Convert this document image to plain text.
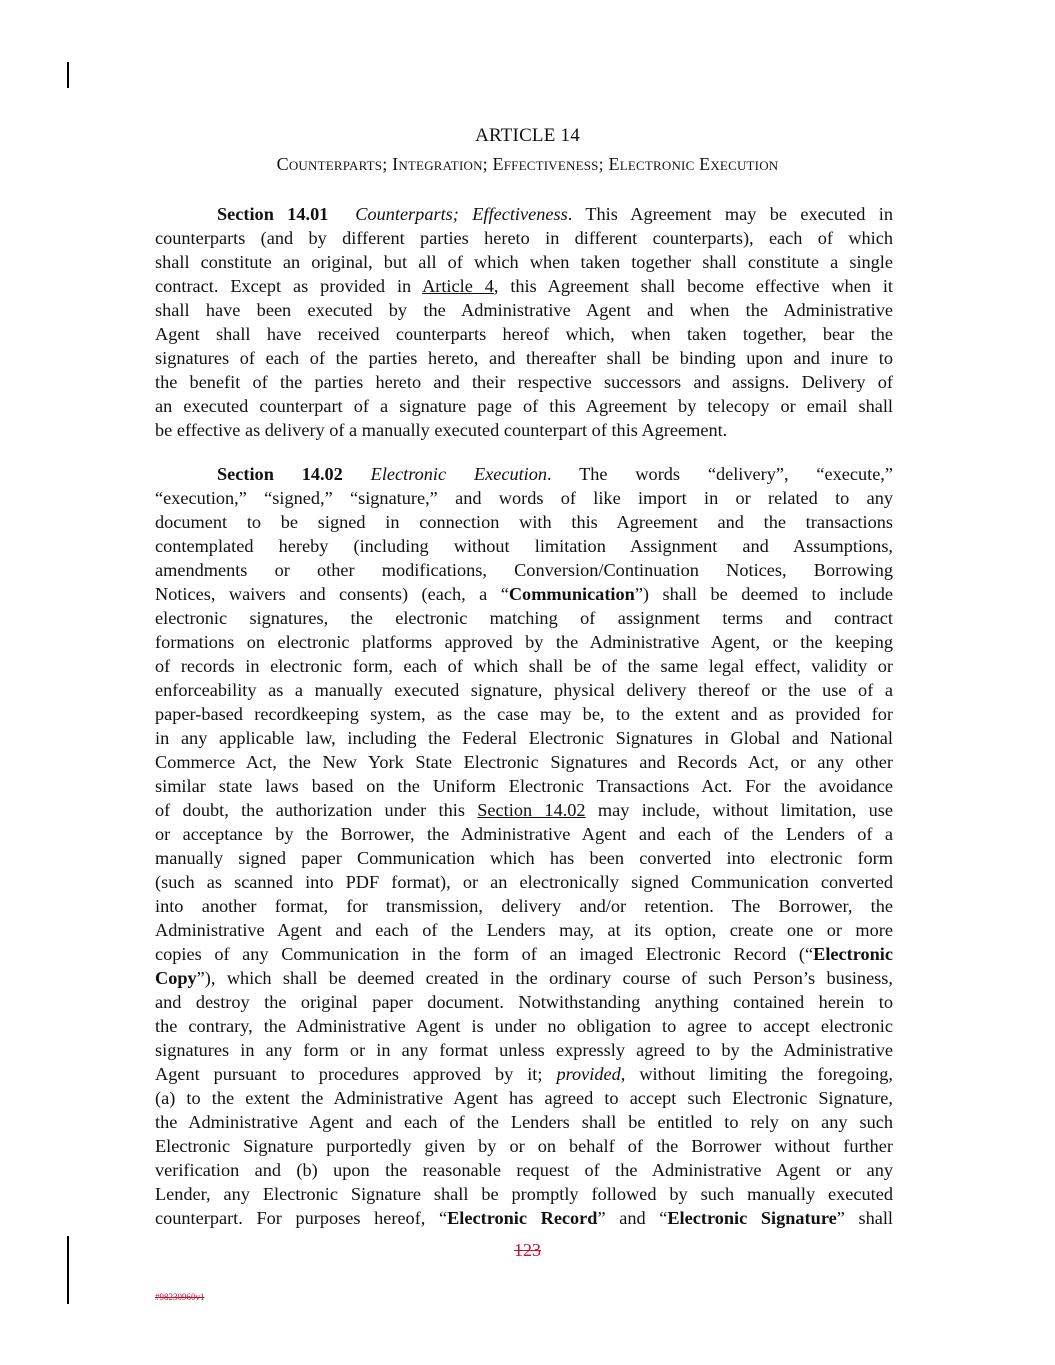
ARTICLE 14
Counterparts; Integration; Effectiveness; Electronic Execution
Section 14.01 Counterparts; Effectiveness. This Agreement may be executed in
counterparts (and by different parties hereto in different counterparts), each of which
shall constitute an original, but all of which when taken together shall constitute a single
contract. Except as provided in Article 4, this Agreement shall become effective when it
shall have been executed by the Administrative Agent and when the Administrative
Agent shall have received counterparts hereof which, when taken together, bear the
signatures of each of the parties hereto, and thereafter shall be binding upon and inure to
the benefit of the parties hereto and their respective successors and assigns. Delivery of
an executed counterpart of a signature page of this Agreement by telecopy or email shall
be effective as delivery of a manually executed counterpart of this Agreement.
Section 14.02 Electronic Execution. The words “delivery”, “execute,”
“execution,” “signed,” “signature,” and words of like import in or related to any
document to be signed in connection with this Agreement and the transactions
contemplated hereby (including without limitation Assignment and Assumptions,
amendments or other modifications, Conversion/Continuation Notices, Borrowing
Notices, waivers and consents) (each, a “Communication”) shall be deemed to include
electronic signatures, the electronic matching of assignment terms and contract
formations on electronic platforms approved by the Administrative Agent, or the keeping
of records in electronic form, each of which shall be of the same legal effect, validity or
enforceability as a manually executed signature, physical delivery thereof or the use of a
paper-based recordkeeping system, as the case may be, to the extent and as provided for
in any applicable law, including the Federal Electronic Signatures in Global and National
Commerce Act, the New York State Electronic Signatures and Records Act, or any other
similar state laws based on the Uniform Electronic Transactions Act. For the avoidance
of doubt, the authorization under this Section 14.02 may include, without limitation, use
or acceptance by the Borrower, the Administrative Agent and each of the Lenders of a
manually signed paper Communication which has been converted into electronic form
(such as scanned into PDF format), or an electronically signed Communication converted
into another format, for transmission, delivery and/or retention. The Borrower, the
Administrative Agent and each of the Lenders may, at its option, create one or more
copies of any Communication in the form of an imaged Electronic Record (“Electronic
Copy”), which shall be deemed created in the ordinary course of such Person’s business,
and destroy the original paper document. Notwithstanding anything contained herein to
the contrary, the Administrative Agent is under no obligation to agree to accept electronic
signatures in any form or in any format unless expressly agreed to by the Administrative
Agent pursuant to procedures approved by it; provided, without limiting the foregoing,
(a) to the extent the Administrative Agent has agreed to accept such Electronic Signature,
the Administrative Agent and each of the Lenders shall be entitled to rely on any such
Electronic Signature purportedly given by or on behalf of the Borrower without further
verification and (b) upon the reasonable request of the Administrative Agent or any
Lender, any Electronic Signature shall be promptly followed by such manually executed
counterpart. For purposes hereof, “Electronic Record” and “Electronic Signature” shall
123
#98230960v1
